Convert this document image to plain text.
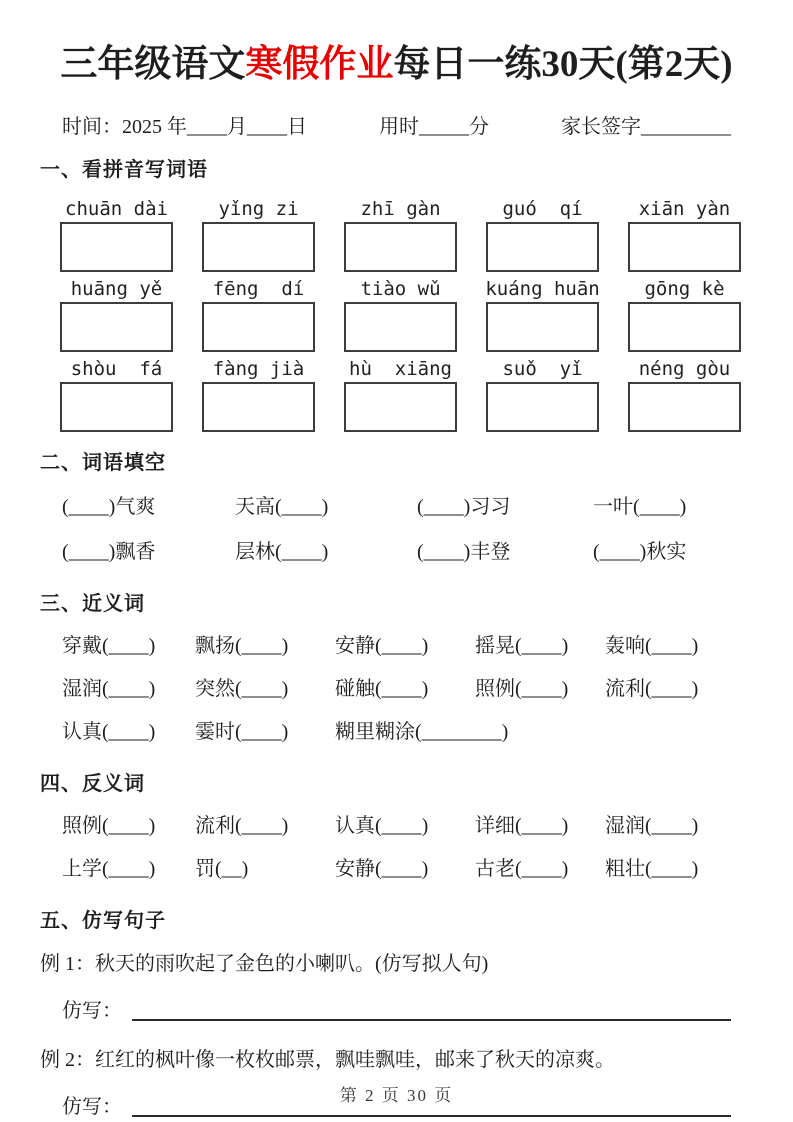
三年级语文寒假作业每日一练30天(第2天)
时间：2025 年____月____日	用时_____分	家长签字_________
一、看拼音写词语
chuān dài	yǐng zi	zhī gàn	guó  qí	xiān yàn
huāng yě	fēng  dí	tiào wǔ	kuáng huān	gōng kè
shòu  fá	fàng jià	hù  xiāng	suǒ  yǐ	néng gòu
二、词语填空
(____)气爽	天高(____)	(____)习习	一叶(____)
(____)飘香	层林(____)	(____)丰登	(____)秋实
三、近义词
穿戴(____)	飘扬(____)	安静(____)	摇晃(____)	轰响(____)
湿润(____)	突然(____)	碰触(____)	照例(____)	流利(____)
认真(____)	霎时(____)	糊里糊涂(________)
四、反义词
照例(____)	流利(____)	认真(____)	详细(____)	湿润(____)
上学(____)	罚(__)	安静(____)	古老(____)	粗壮(____)
五、仿写句子
例 1：秋天的雨吹起了金色的小喇叭。(仿写拟人句)
仿写：
例 2：红红的枫叶像一枚枚邮票，飘哇飘哇，邮来了秋天的凉爽。
仿写：
第 2 页 30 页
